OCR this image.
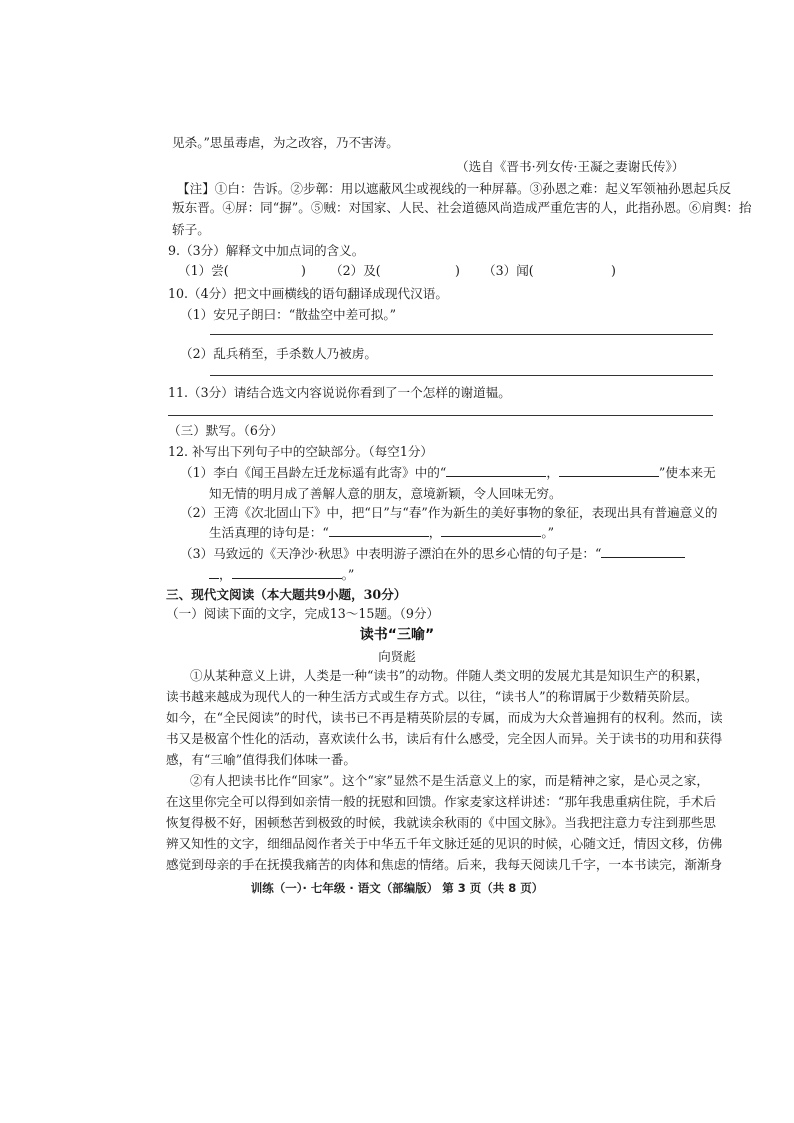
见杀。”思虽毒虐，为之改容，乃不害涛。

（选自《晋书·列女传·王凝之妻谢氏传》）

【注】①白：告诉。②步鄣：用以遮蔽风尘或视线的一种屏幕。③孙恩之难：起义军领袖孙恩起兵反

叛东晋。④屏：同“摒”。⑤贼：对国家、人民、社会道德风尚造成严重危害的人，此指孙恩。⑥肩舆：抬

轿子。

9.（3分）解释文中加点词的含义。

（1）尝(	) （2）及(	) （3）闻(	)

10.（4分）把文中画横线的语句翻译成现代汉语。

（1）安兄子朗曰：“散盐空中差可拟。”

（2）乱兵稍至，手杀数人乃被虏。

11.（3分）请结合选文内容说说你看到了一个怎样的谢道韫。

（三）默写。（6分）

12. 补写出下列句子中的空缺部分。（每空1分）

（1）李白《闻王昌龄左迁龙标遥有此寄》中的“	，	”使本来无

知无情的明月成了善解人意的朋友，意境新颖，令人回味无穷。

（2）王湾《次北固山下》中，把“日”与“春”作为新生的美好事物的象征，表现出具有普遍意义的

生活真理的诗句是：“	，	。”
（3）马致远的《天净沙·秋思》中表明游子漂泊在外的思乡心情的句子是：“
，	。”

三、现代文阅读（本大题共9小题，30分）

（一）阅读下面的文字，完成13～15题。（9分）

读书“三喻”
向贤彪

①从某种意义上讲，人类是一种“读书”的动物。伴随人类文明的发展尤其是知识生产的积累，

读书越来越成为现代人的一种生活方式或生存方式。以往，“读书人”的称谓属于少数精英阶层。

如今，在“全民阅读”的时代，读书已不再是精英阶层的专属，而成为大众普遍拥有的权利。然而，读

书又是极富个性化的活动，喜欢读什么书，读后有什么感受，完全因人而异。关于读书的功用和获得

感，有“三喻”值得我们体味一番。

②有人把读书比作“回家”。这个“家”显然不是生活意义上的家，而是精神之家，是心灵之家，

在这里你完全可以得到如亲情一般的抚慰和回馈。作家麦家这样讲述：“那年我患重病住院，手术后

恢复得极不好，困顿愁苦到极致的时候，我就读余秋雨的《中国文脉》。当我把注意力专注到那些思

辨又知性的文字，细细品阅作者关于中华五千年文脉迁延的见识的时候，心随文迁，情因文移，仿佛

感觉到母亲的手在抚摸我痛苦的肉体和焦虑的情绪。后来，我每天阅读几千字，一本书读完，渐渐身

训练（一）· 七年级 · 语文（部编版） 第 3 页（共 8 页）
